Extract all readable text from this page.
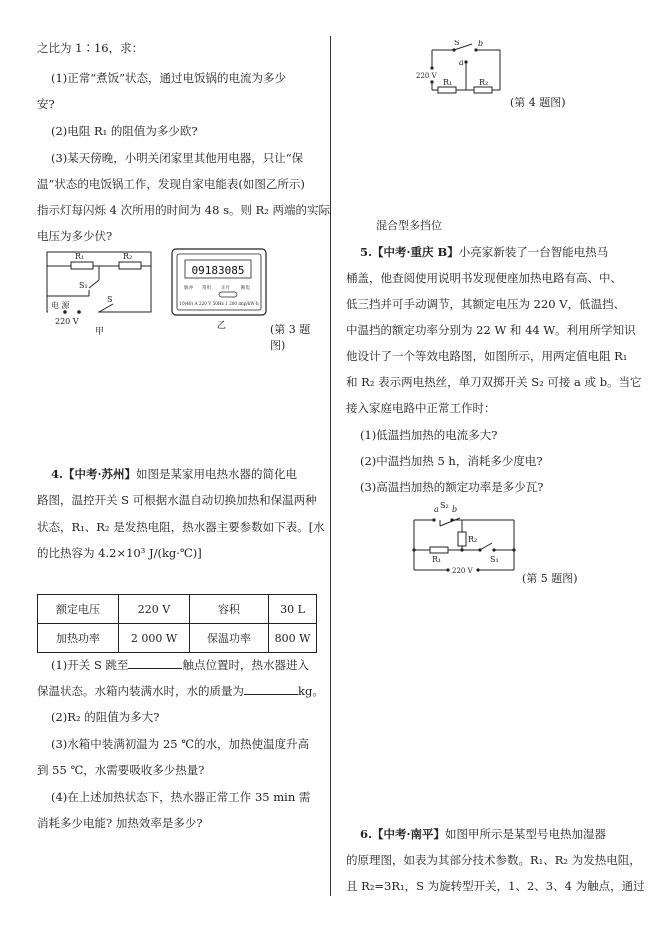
之比为 1∶16，求：
(1)正常“煮饭”状态，通过电饭锅的电流为多少
安?
(2)电阻 R₁ 的阻值为多少欧?
(3)某天傍晚，小明关闭家里其他用电器，只让“保
温”状态的电饭锅工作，发现自家电能表(如图乙所示)
指示灯每闪烁 4 次所用的时间为 48 s。则 R₂ 两端的实际
电压为多少伏?
R₁	R₂
S₁
S
电 源
220 V
甲
09183085
脉冲 常用 正月 断电
10(40) A 220 V 50Hz 1 200 imp/kW·h
乙	(第 3 题图)
4.【中考·苏州】如图是某家用电热水器的简化电
路图，温控开关 S 可根据水温自动切换加热和保温两种
状态，R₁、R₂ 是发热电阻，热水器主要参数如下表。[水
的比热容为 4.2×10³ J/(kg·℃)]
额定电压	220 V	容积	30 L
加热功率	2 000 W	保温功率	800 W
(1)开关 S 跳至	触点位置时，热水器进入
保温状态。水箱内装满水时，水的质量为	kg。
(2)R₂ 的阻值为多大?
(3)水箱中装满初温为 25 ℃的水，加热使温度升高
到 55 ℃，水需要吸收多少热量?
(4)在上述加热状态下，热水器正常工作 35 min 需
消耗多少电能? 加热效率是多少?
S b
a
220 V
R₁	R₂
(第 4 题图)
混合型多挡位
5.【中考·重庆 B】小亮家新装了一台智能电热马
桶盖，他查阅使用说明书发现便座加热电路有高、中、
低三挡并可手动调节，其额定电压为 220 V，低温挡、
中温挡的额定功率分别为 22 W 和 44 W。利用所学知识
他设计了一个等效电路图，如图所示，用两定值电阻 R₁
和 R₂ 表示两电热丝，单刀双掷开关 S₂ 可接 a 或 b。当它
接入家庭电路中正常工作时：
(1)低温挡加热的电流多大?
(2)中温挡加热 5 h，消耗多少度电?
(3)高温挡加热的额定功率是多少瓦?
a b
S₂
R₂
R₁	S₁
220 V
(第 5 题图)
6.【中考·南平】如图甲所示是某型号电热加湿器
的原理图，如表为其部分技术参数。R₁、R₂ 为发热电阻，
且 R₂=3R₁，S 为旋转型开关，1、2、3、4 为触点，通过
